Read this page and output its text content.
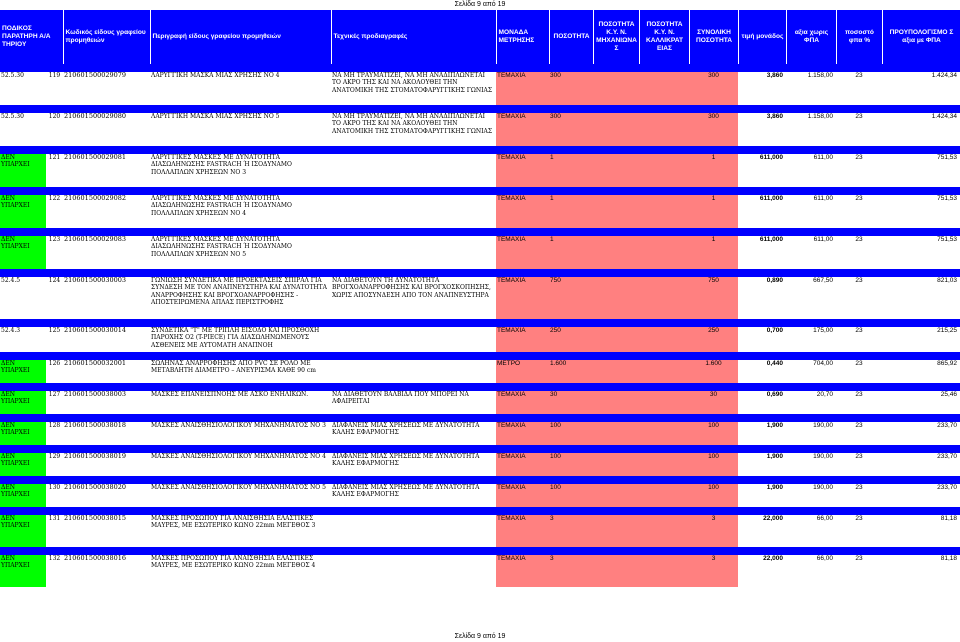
Σελίδα 9 από 19
ΠΟΔΙΚΟΣ ΠΑΡΑΤΗΡΗ Α/Α ΤΗΡΙΟΥ		Κωδικός είδους γραφείου προμηθειών	Περιγραφή είδους γραφείου προμηθειών	Τεχνικές προδιαγραφές	ΜΟΝΑΔΑ ΜΕΤΡΗΣΗΣ	ΠΟΣΟΤΗΤΑ	ΠΟΣΟΤΗΤΑ Κ.Υ. Ν. ΜΗΧΑΝΙΩΝΑ Σ	ΠΟΣΟΤΗΤΑ Κ.Υ. Ν. ΚΑΛΛΙΚΡΑΤ ΕΙΑΣ	ΣΥΝΟΛΙΚΗ ΠΟΣΟΤΗΤΑ	τιμή μονάδος	αξια χωρις ΦΠΑ	ποσοστό φπα %	ΠΡΟΥΠΟΛΟΓΙΣΜΟ Σ αξια με ΦΠΑ

52.5.30	119	210601500029079	ΛΑΡΥΓΓΙΚΗ ΜΑΣΚΑ ΜΙΑΣ ΧΡΗΣΗΣ ΝΟ 4	ΝΑ ΜΗ ΤΡΑΥΜΑΤΙΖΕΙ, ΝΑ ΜΗ ΑΝΑΔΙΠΛΩΝΕΤΑΙ ΤΟ ΑΚΡΟ ΤΗΣ ΚΑΙ ΝΑ ΑΚΟΛΟΥΘΕΙ ΤΗΝ ΑΝΑΤΟΜΙΚΗ ΤΗΣ ΣΤΟΜΑΤΟΦΑΡΥΓΓΙΚΗΣ ΓΩΝΙΑΣ	ΤΕΜΑΧΙΑ	300			300	3,860	1.158,00	23	1.424,34

52.5.30	120	210601500029080	ΛΑΡΥΓΓΙΚΗ ΜΑΣΚΑ ΜΙΑΣ ΧΡΗΣΗΣ ΝΟ 5	ΝΑ ΜΗ ΤΡΑΥΜΑΤΙΖΕΙ, ΝΑ ΜΗ ΑΝΑΔΙΠΛΩΝΕΤΑΙ ΤΟ ΑΚΡΟ ΤΗΣ ΚΑΙ ΝΑ ΑΚΟΛΟΥΘΕΙ ΤΗΝ ΑΝΑΤΟΜΙΚΗ ΤΗΣ ΣΤΟΜΑΤΟΦΑΡΥΓΓΙΚΗΣ ΓΩΝΙΑΣ	ΤΕΜΑΧΙΑ	300			300	3,860	1.158,00	23	1.424,34

ΔΕΝ ΥΠΑΡΧΕΙ	121	210601500029081	ΛΑΡΥΓΓΙΚΕΣ ΜΑΣΚΕΣ ΜΕ ΔΥΝΑΤΟΤΗΤΑ ΔΙΑΣΩΛΗΝΩΣΗΣ FASTRACH Ή ΙΣΟΔΥΝΑΜΟ ΠΟΛΛΑΠΛΩΝ ΧΡΗΣΕΩΝ ΝΟ 3		ΤΕΜΑΧΙΑ	1			1	611,000	611,00	23	751,53

ΔΕΝ ΥΠΑΡΧΕΙ	122	210601500029082	ΛΑΡΥΓΓΙΚΕΣ ΜΑΣΚΕΣ ΜΕ ΔΥΝΑΤΟΤΗΤΑ ΔΙΑΣΩΛΗΝΩΣΗΣ FASTRACH Ή ΙΣΟΔΥΝΑΜΟ ΠΟΛΛΑΠΛΩΝ ΧΡΗΣΕΩΝ ΝΟ 4		ΤΕΜΑΧΙΑ	1			1	611,000	611,00	23	751,53

ΔΕΝ ΥΠΑΡΧΕΙ	123	210601500029083	ΛΑΡΥΓΓΙΚΕΣ ΜΑΣΚΕΣ ΜΕ ΔΥΝΑΤΟΤΗΤΑ ΔΙΑΣΩΛΗΝΩΣΗΣ FASTRACH Ή ΙΣΟΔΥΝΑΜΟ ΠΟΛΛΑΠΛΩΝ ΧΡΗΣΕΩΝ ΝΟ 5		ΤΕΜΑΧΙΑ	1			1	611,000	611,00	23	751,53

52.4.5	124	210601500030003	ΓΩΝΙΩΣΗ ΣΥΝΔΕΤΙΚΑ ΜΕ ΠΡΟΕΚΤΑΣΕΙΣ ΣΠΙΡΑΛ ΓΙΑ ΣΥΝΔΕΣΗ ΜΕ ΤΟΝ ΑΝΑΠΝΕΥΣΤΗΡΑ ΚΑΙ ΔΥΝΑΤΟΤΗΤΑ ΑΝΑΡΡΟΦΗΣΗΣ ΚΑΙ ΒΡΟΓΧΟΑΝΑΡΡΟΦΗΣΗΣ - ΑΠΟΣΤΕΙΡΩΜΕΝΑ ΑΠΛΑΣ ΠΕΡΙΣΤΡΟΦΗΣ	ΝΑ ΔΙΑΘΕΤΟΥΝ ΤΗ ΔΥΝΑΤΟΤΗΤΑ ΒΡΟΓΧΟΑΝΑΡΡΟΦΗΣΗΣ ΚΑΙ ΒΡΟΓΧΟΣΚΟΠΗΣΗΣ, ΧΩΡΙΣ ΑΠΟΣΥΝΔΕΣΗ ΑΠΟ ΤΟΝ ΑΝΑΠΝΕΥΣΤΗΡΑ	ΤΕΜΑΧΙΑ	750			750	0,890	667,50	23	821,03

52.4.3	125	210601500030014	ΣΥΝΔΕΤΙΚΑ "Τ" ΜΕ ΤΡΙΠΛΗ ΕΙΣΟΔΟ ΚΑΙ ΠΡΟΣΘΟΧΗ ΠΑΡΟΧΗΣ Ο2 (T-PIECE) ΓΙΑ ΔΙΑΣΩΛΗΝΩΜΕΝΟΥΣ ΑΣΘΕΝΕΙΣ ΜΕ ΑΥΤΟΜΑΤΗ ΑΝΑΠΝΟΗ		ΤΕΜΑΧΙΑ	250			250	0,700	175,00	23	215,25

ΔΕΝ ΥΠΑΡΧΕΙ	126	210601500032001	ΣΩΛΗΝΑΣ ΑΝΑΡΡΟΦΗΣΗΣ ΑΠΟ PVC ΣΕ ΡΟΛΟ ΜΕ ΜΕΤΑΒΛΗΤΗ ΔΙΑΜΕΤΡΟ – ΑΝΕΥΡΙΣΜΑ ΚΑΘΕ 90 cm		ΜΕΤΡΟ	1.600			1.600	0,440	704,00	23	865,92

ΔΕΝ ΥΠΑΡΧΕΙ	127	210601500038003	ΜΑΣΚΕΣ ΕΠΑΝΕΙΣΠΝΟΗΣ ΜΕ ΑΣΚΟ ΕΝΗΛΙΚΩΝ.	ΝΑ ΔΙΑΘΕΤΟΥΝ ΒΑΛΒΙΔΑ ΠΟΥ ΜΠΟΡΕΙ ΝΑ ΑΦΑΙΡΕΙΤΑΙ	ΤΕΜΑΧΙΑ	30			30	0,690	20,70	23	25,46

ΔΕΝ ΥΠΑΡΧΕΙ	128	210601500038018	ΜΑΣΚΕΣ ΑΝΑΙΣΘΗΣΙΟΛΟΓΙΚΟΥ ΜΗΧΑΝΗΜΑΤΟΣ ΝΟ 3	ΔΙΑΦΑΝΕΙΣ ΜΙΑΣ ΧΡΗΣΕΩΣ ΜΕ ΔΥΝΑΤΟΤΗΤΑ ΚΑΛΗΣ ΕΦΑΡΜΟΓΗΣ	ΤΕΜΑΧΙΑ	100			100	1,900	190,00	23	233,70

ΔΕΝ ΥΠΑΡΧΕΙ	129	210601500038019	ΜΑΣΚΕΣ ΑΝΑΙΣΘΗΣΙΟΛΟΓΙΚΟΥ ΜΗΧΑΝΗΜΑΤΟΣ ΝΟ 4	ΔΙΑΦΑΝΕΙΣ ΜΙΑΣ ΧΡΗΣΕΩΣ ΜΕ ΔΥΝΑΤΟΤΗΤΑ ΚΑΛΗΣ ΕΦΑΡΜΟΓΗΣ	ΤΕΜΑΧΙΑ	100			100	1,900	190,00	23	233,70

ΔΕΝ ΥΠΑΡΧΕΙ	130	210601500038020	ΜΑΣΚΕΣ ΑΝΑΙΣΘΗΣΙΟΛΟΓΙΚΟΥ ΜΗΧΑΝΗΜΑΤΟΣ ΝΟ 5	ΔΙΑΦΑΝΕΙΣ ΜΙΑΣ ΧΡΗΣΕΩΣ ΜΕ ΔΥΝΑΤΟΤΗΤΑ ΚΑΛΗΣ ΕΦΑΡΜΟΓΗΣ	ΤΕΜΑΧΙΑ	100			100	1,900	190,00	23	233,70

ΔΕΝ ΥΠΑΡΧΕΙ	131	210601500038015	ΜΑΣΚΕΣ ΠΡΟΣΩΠΟΥ ΓΙΑ ΑΝΑΙΣΘΗΣΙΑ ΕΛΑΣΤΙΚΕΣ ΜΑΥΡΕΣ, ΜΕ ΕΣΩΤΕΡΙΚΟ ΚΩΝΟ 22mm ΜΕΓΕΘΟΣ 3		ΤΕΜΑΧΙΑ	3			3	22,000	66,00	23	81,18

ΔΕΝ ΥΠΑΡΧΕΙ	132	210601500038016	ΜΑΣΚΕΣ ΠΡΟΣΩΠΟΥ ΓΙΑ ΑΝΑΙΣΘΗΣΙΑ ΕΛΑΣΤΙΚΕΣ ΜΑΥΡΕΣ, ΜΕ ΕΣΩΤΕΡΙΚΟ ΚΩΝΟ 22mm ΜΕΓΕΘΟΣ 4		ΤΕΜΑΧΙΑ	3			3	22,000	66,00	23	81,18
Σελίδα 9 από 19
